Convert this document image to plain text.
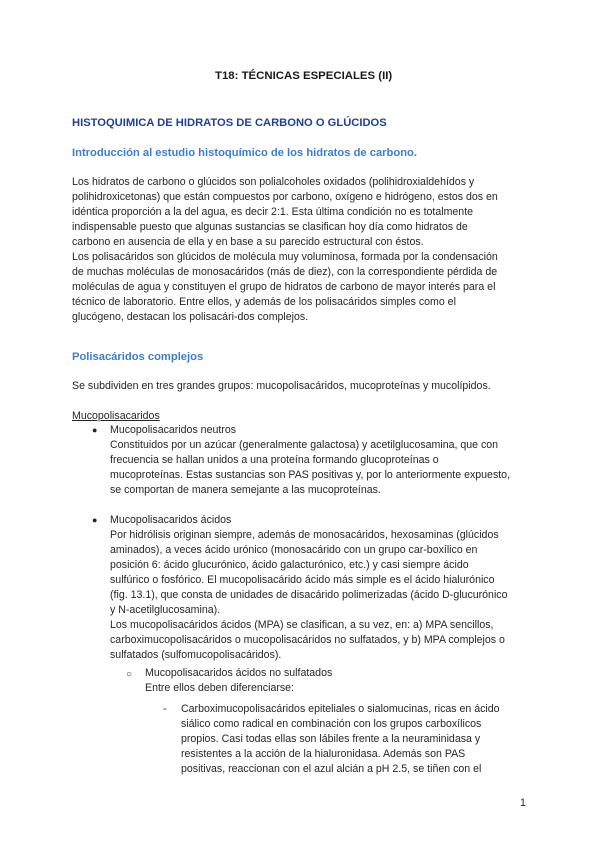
T18: TÉCNICAS ESPECIALES (II)
HISTOQUIMICA DE HIDRATOS DE CARBONO O GLÚCIDOS
Introducción al estudio histoquímico de los hidratos de carbono.
Los hidratos de carbono o glúcidos son polialcoholes oxidados (polihidroxialdehídos y
polihidroxicetonas) que están compuestos por carbono, oxígeno e hidrógeno, estos dos en
idéntica proporción a la del agua, es decir 2:1. Esta última condición no es totalmente
indispensable puesto que algunas sustancias se clasifican hoy día como hidratos de
carbono en ausencia de ella y en base a su parecido estructural con éstos.
Los polisacáridos son glúcidos de molécula muy voluminosa, formada por la condensación
de muchas moléculas de monosacáridos (más de diez), con la correspondiente pérdida de
moléculas de agua y constituyen el grupo de hidratos de carbono de mayor interés para el
técnico de laboratorio. Entre ellos, y además de los polisacáridos simples como el
glucógeno, destacan los polisacári-dos complejos.
Polisacáridos complejos
Se subdividen en tres grandes grupos: mucopolisacáridos, mucoproteínas y mucolípidos.
Mucopolisacaridos
● Mucopolisacaridos neutros
Constituidos por un azúcar (generalmente galactosa) y acetilglucosamina, que con
frecuencia se hallan unidos a una proteína formando glucoproteínas o
mucoproteínas. Estas sustancias son PAS positivas y, por lo anteriormente expuesto,
se comportan de manera semejante a las mucoproteínas.
● Mucopolisacaridos ácidos
Por hidrólisis originan siempre, además de monosacáridos, hexosaminas (glúcidos
aminados), a veces ácido urónico (monosacárido con un grupo car-boxílico en
posición 6: ácido glucurónico, ácido galacturónico, etc.) y casi siempre ácido
sulfúrico o fosfórico. El mucopolisacárido ácido más simple es el ácido hialurónico
(fig. 13.1), que consta de unidades de disacárido polimerizadas (ácido D-glucurónico
y N-acetilglucosamina).
Los mucopolisacáridos ácidos (MPA) se clasifican, a su vez, en: a) MPA sencillos,
carboximucopolisacáridos o mucopolisacáridos no sulfatados, y b) MPA complejos o
sulfatados (sulfomucopolisacáridos).
○ Mucopolisacaridos ácidos no sulfatados
Entre ellos deben diferenciarse:
- Carboximucopolisacáridos epiteliales o sialomucinas, ricas en ácido
siálico como radical en combinación con los grupos carboxílicos
propios. Casi todas ellas son lábiles frente a la neuraminidasa y
resistentes a la acción de la hialuronidasa. Además son PAS
positivas, reaccionan con el azul alcián a pH 2.5, se tiñen con el
1
